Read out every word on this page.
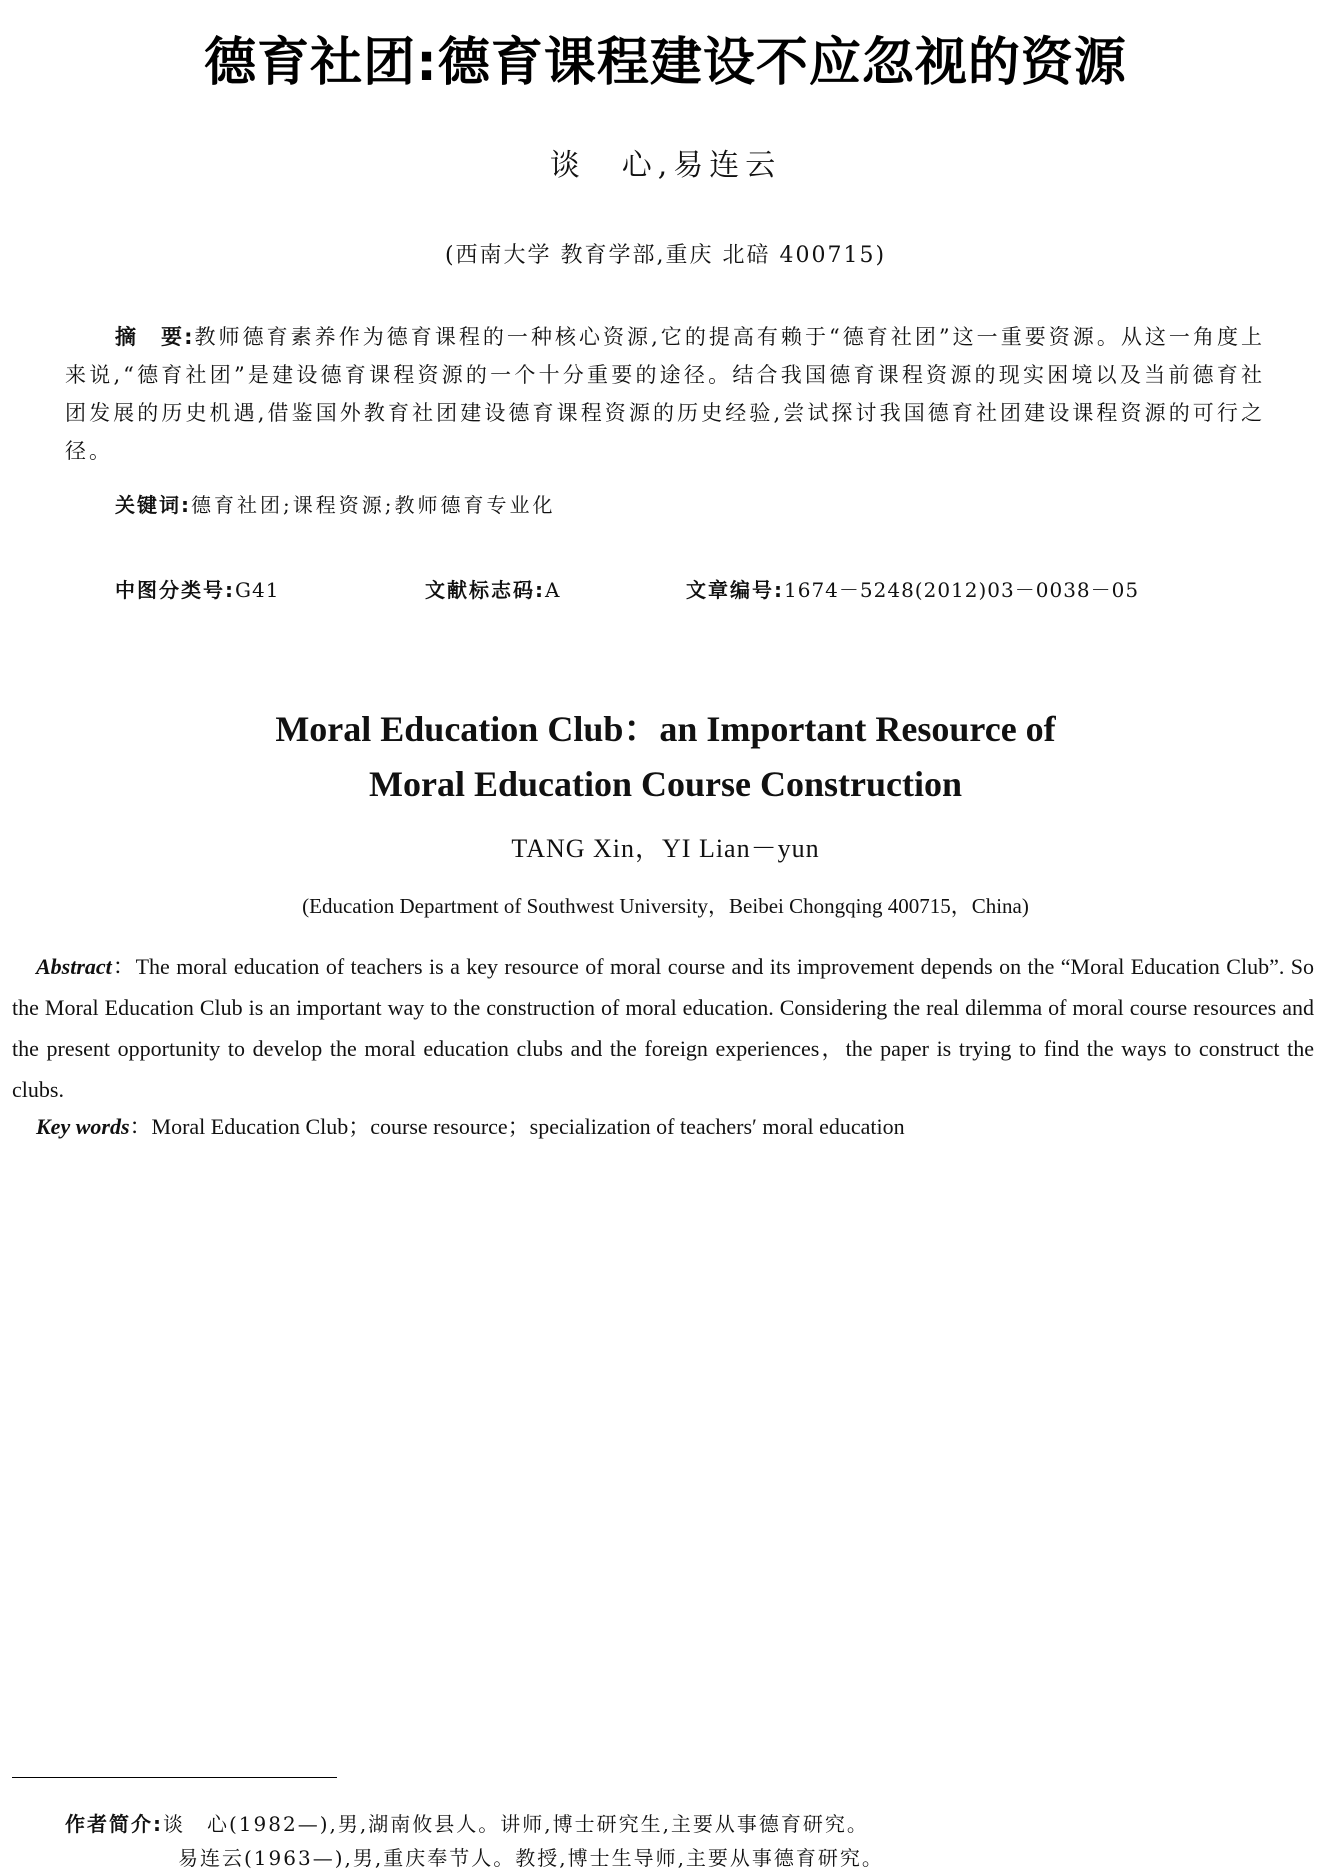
德育社团:德育课程建设不应忽视的资源
谈　心,易连云
(西南大学 教育学部,重庆 北碚 400715)

摘　要:教师德育素养作为德育课程的一种核心资源,它的提高有赖于“德育社团”这一重要资源。从这一角度上来说,“德育社团”是建设德育课程资源的一个十分重要的途径。结合我国德育课程资源的现实困境以及当前德育社团发展的历史机遇,借鉴国外教育社团建设德育课程资源的历史经验,尝试探讨我国德育社团建设课程资源的可行之径。

关键词:德育社团;课程资源;教师德育专业化
中图分类号:G41	文献标志码:A	文章编号:1674－5248(2012)03－0038－05
Moral Education Club：an Important Resource of
Moral Education Course Construction
TANG Xin，YI Lian－yun
(Education Department of Southwest University，Beibei Chongqing 400715，China)

Abstract：The moral education of teachers is a key resource of moral course and its improvement depends on the “Moral Education Club”. So the Moral Education Club is an important way to the construction of moral education. Considering the real dilemma of moral course resources and the present opportunity to develop the moral education clubs and the foreign experiences，the paper is trying to find the ways to construct the clubs.

Key words：Moral Education Club；course resource；specialization of teachers′ moral education
作者简介:谈　心(1982—),男,湖南攸县人。讲师,博士研究生,主要从事德育研究。
易连云(1963—),男,重庆奉节人。教授,博士生导师,主要从事德育研究。
